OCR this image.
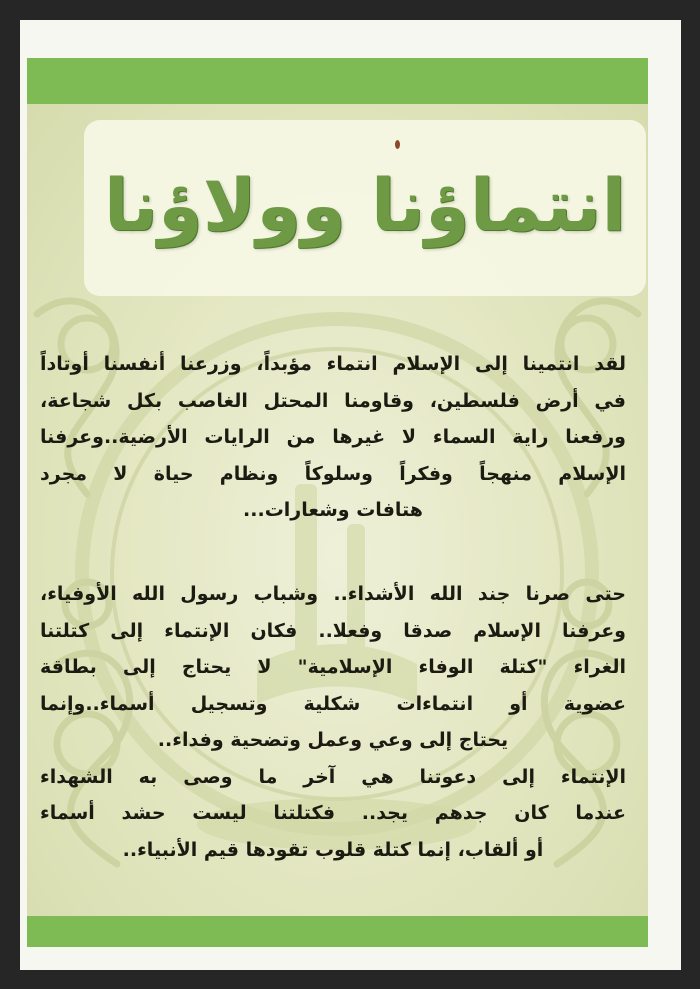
انتماؤنا وولاؤنا
لقد انتمينا إلى الإسلام انتماء مؤبداً، وزرعنا أنفسنا أوتاداً
في أرض فلسطين، وقاومنا المحتل الغاصب بكل شجاعة،
ورفعنا راية السماء لا غيرها من الرايات الأرضية..وعرفنا
الإسلام منهجاً وفكراً وسلوكاً ونظام حياة لا مجرد
هتافات وشعارات...
حتى صرنا جند الله الأشداء.. وشباب رسول الله الأوفياء،
وعرفنا الإسلام صدقا وفعلا.. فكان الإنتماء إلى كتلتنا
الغراء "كتلة الوفاء الإسلامية" لا يحتاج إلى بطاقة
عضوية أو انتماءات شكلية وتسجيل أسماء..وإنما
يحتاج إلى وعي وعمل وتضحية وفداء..
الإنتماء إلى دعوتنا هي آخر ما وصى به الشهداء
عندما كان جدهم يجد.. فكتلتنا ليست حشد أسماء
أو ألقاب، إنما كتلة قلوب تقودها قيم الأنبياء..
